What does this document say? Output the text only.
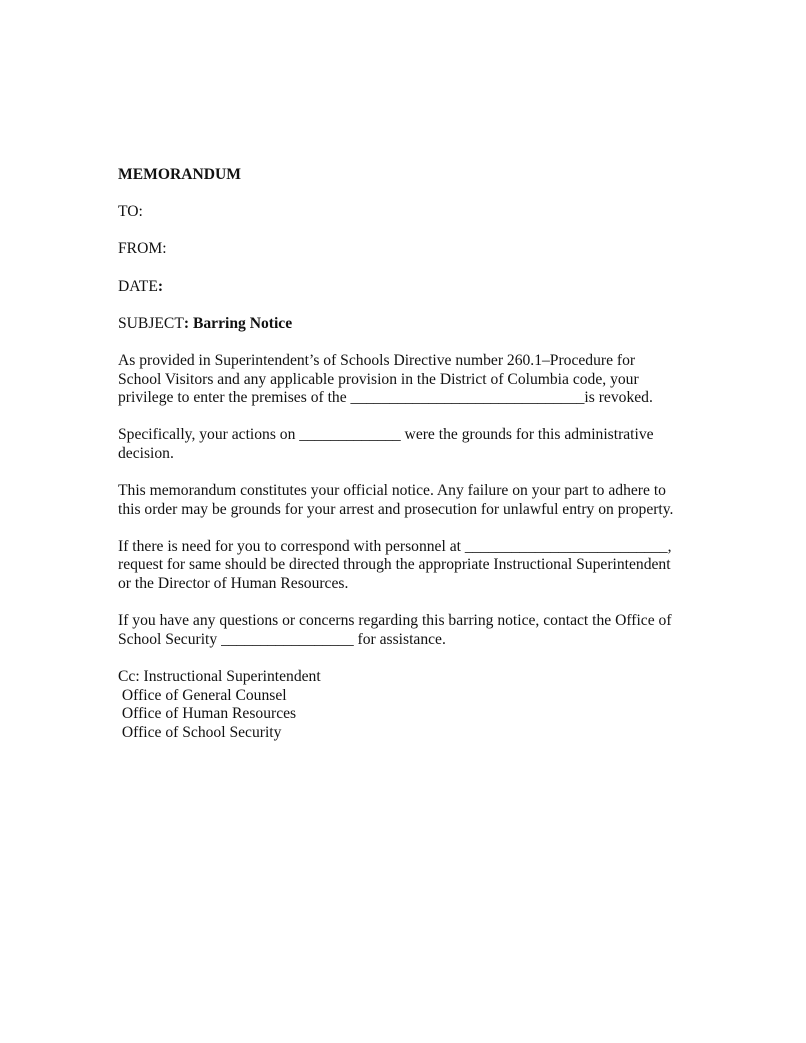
MEMORANDUM
TO:
FROM:
DATE:
SUBJECT: Barring Notice
As provided in Superintendent’s of Schools Directive number 260.1–Procedure for
School Visitors and any applicable provision in the District of Columbia code, your
privilege to enter the premises of the ______________________________is revoked.
Specifically, your actions on _____________ were the grounds for this administrative
decision.
This memorandum constitutes your official notice. Any failure on your part to adhere to
this order may be grounds for your arrest and prosecution for unlawful entry on property.
If there is need for you to correspond with personnel at __________________________,
request for same should be directed through the appropriate Instructional Superintendent
or the Director of Human Resources.
If you have any questions or concerns regarding this barring notice, contact the Office of
School Security _________________ for assistance.
Cc: Instructional Superintendent
Office of General Counsel
Office of Human Resources
Office of School Security
